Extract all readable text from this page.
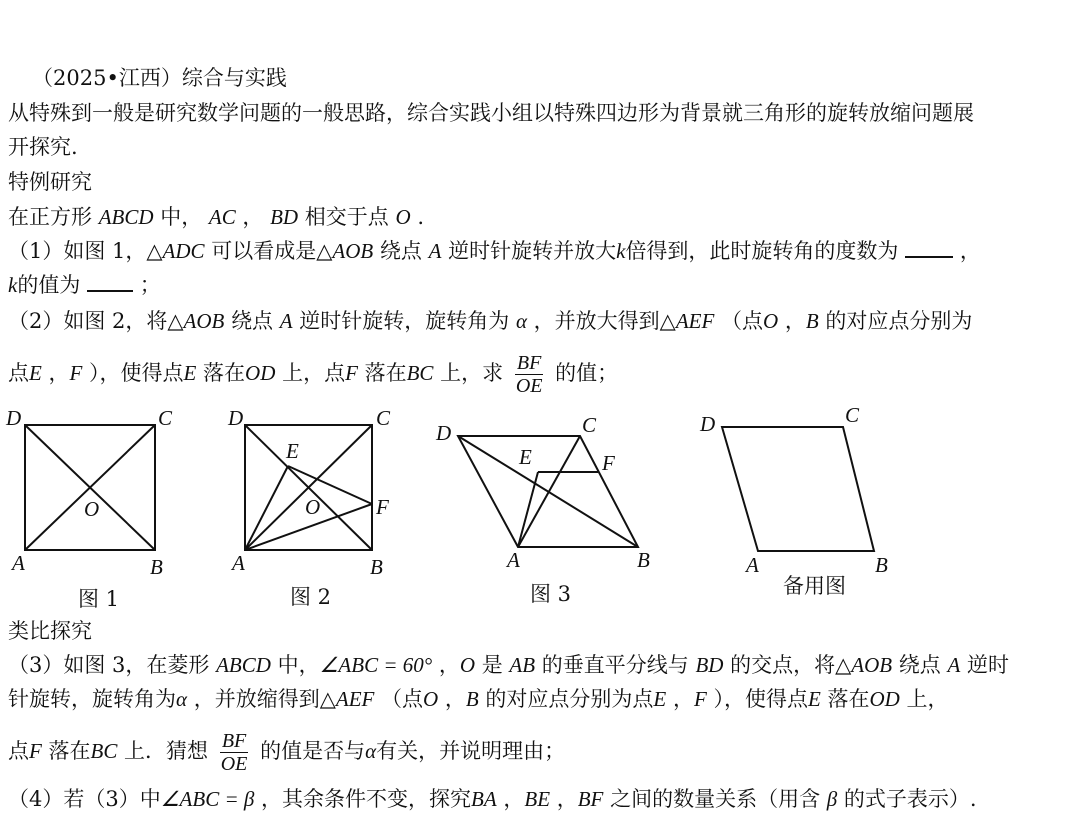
（2025•江西）综合与实践
从特殊到一般是研究数学问题的一般思路，综合实践小组以特殊四边形为背景就三角形的旋转放缩问题展
开探究.
特例研究
在正方形 ABCD 中， AC ， BD 相交于点 O .
（1）如图 1，△ADC 可以看成是△AOB 绕点 A 逆时针旋转并放大k倍得到，此时旋转角的度数为	，
k的值为	；
（2）如图 2，将△AOB 绕点 A 逆时针旋转，旋转角为 α ，并放大得到△AEF （点O ，B 的对应点分别为
点E ，F ），使得点E 落在OD 上，点F 落在BC 上，求 $\frac{BF}{OE}$ 的值；
D	C
O
A	B
图 1
D	C
E
O	F
A	B
图 2
D	C
E	F
A	B
图 3
D	C
A	B
备用图
类比探究
（3）如图 3，在菱形 ABCD 中，∠ABC = 60° ，O 是 AB 的垂直平分线与 BD 的交点，将△AOB 绕点 A 逆时
针旋转，旋转角为α ，并放缩得到△AEF （点O ，B 的对应点分别为点E ，F ），使得点E 落在OD 上，
点F 落在BC 上．猜想 $\frac{BF}{OE}$ 的值是否与α有关，并说明理由；
（4）若（3）中∠ABC = β ，其余条件不变，探究BA ，BE ，BF 之间的数量关系（用含 β 的式子表示）.
